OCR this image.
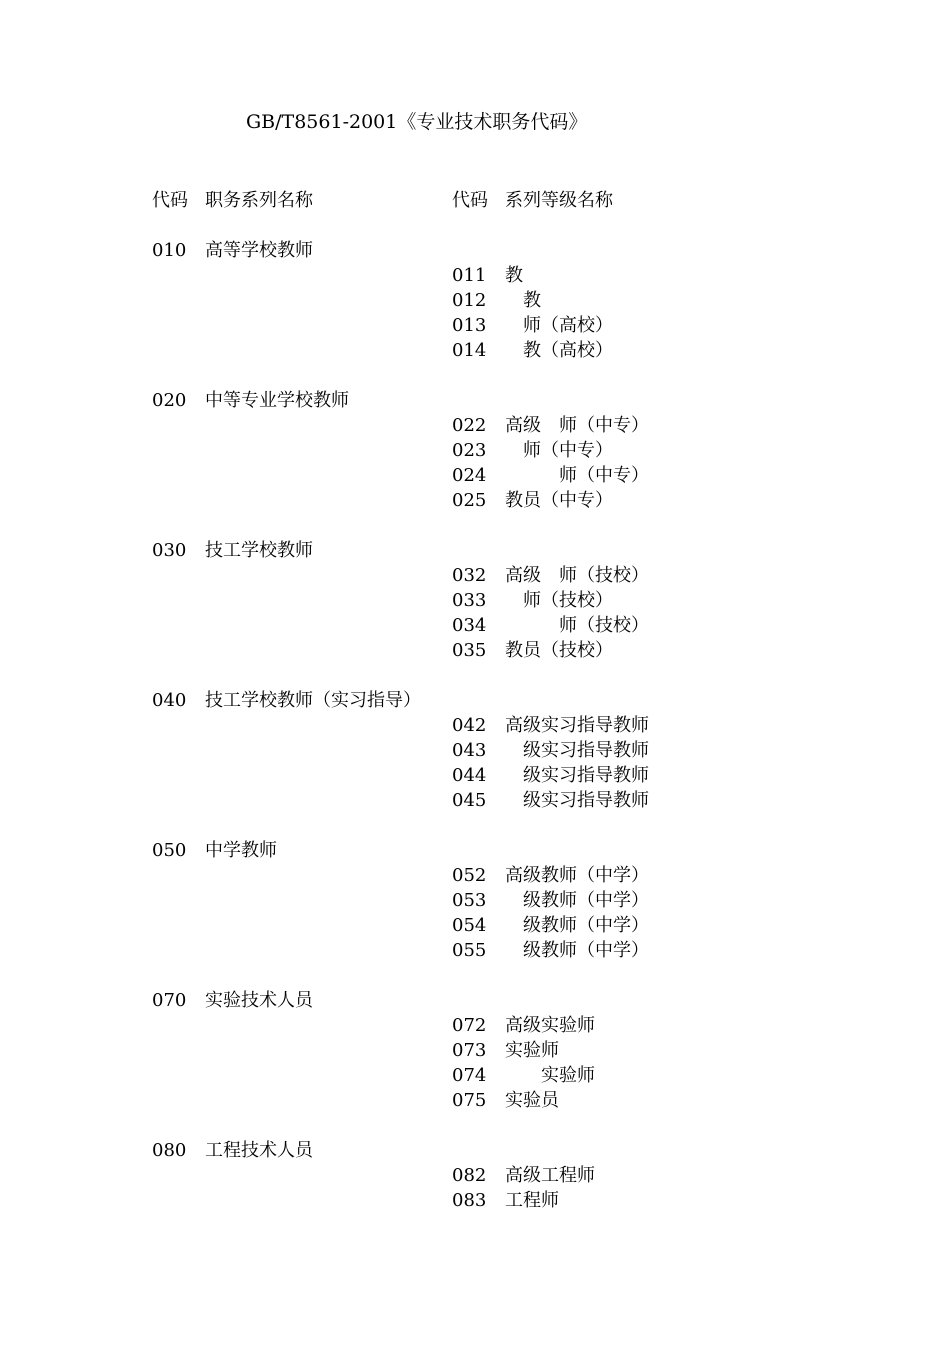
GB/T8561-2001《专业技术职务代码》
代码 职务系列名称	代码 系列等级名称
010 高等学校教师
011 教
012 　教
013 　师（高校）
014 　教（高校）
020 中等专业学校教师
022 高级　师（中专）
023 　师（中专）
024 　　　师（中专）
025 教员（中专）
030 技工学校教师
032 高级　师（技校）
033 　师（技校）
034 　　　师（技校）
035 教员（技校）
040 技工学校教师（实习指导）
042 高级实习指导教师
043 　级实习指导教师
044 　级实习指导教师
045 　级实习指导教师
050 中学教师
052 高级教师（中学）
053 　级教师（中学）
054 　级教师（中学）
055 　级教师（中学）
070 实验技术人员
072 高级实验师
073 实验师
074 　　实验师
075 实验员
080 工程技术人员
082 高级工程师
083 工程师
